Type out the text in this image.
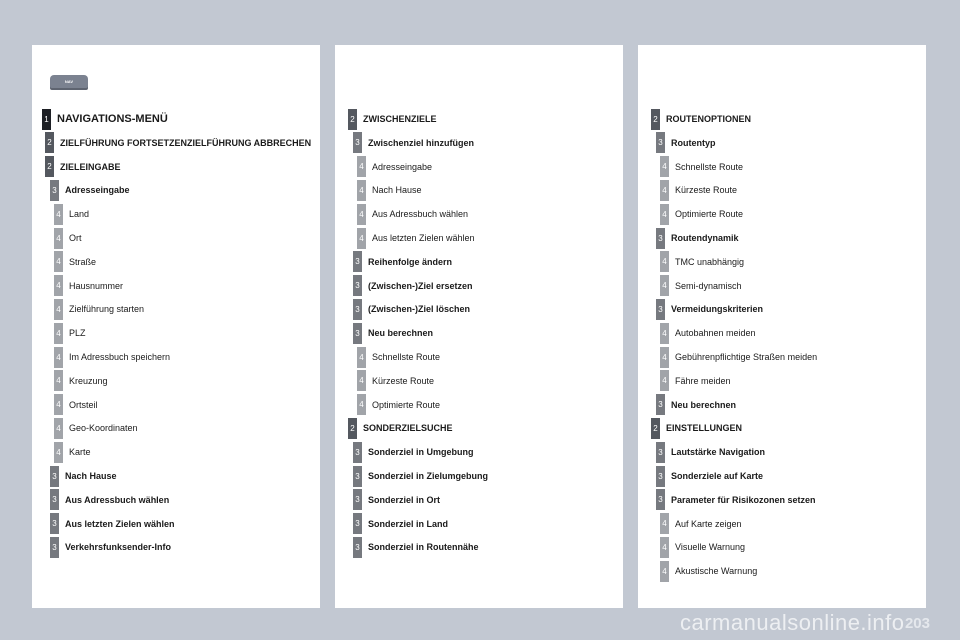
NAV
1 NAVIGATIONS-MENÜ
2 ZIELFÜHRUNG FORTSETZENZIELFÜHRUNG ABBRECHEN
2 ZIELEINGABE
3 Adresseingabe
4 Land
4 Ort
4 Straße
4 Hausnummer
4 Zielführung starten
4 PLZ
4 Im Adressbuch speichern
4 Kreuzung
4 Ortsteil
4 Geo-Koordinaten
4 Karte
3 Nach Hause
3 Aus Adressbuch wählen
3 Aus letzten Zielen wählen
3 Verkehrsfunksender-Info
2 ZWISCHENZIELE
3 Zwischenziel hinzufügen
4 Adresseingabe
4 Nach Hause
4 Aus Adressbuch wählen
4 Aus letzten Zielen wählen
3 Reihenfolge ändern
3 (Zwischen-)Ziel ersetzen
3 (Zwischen-)Ziel löschen
3 Neu berechnen
4 Schnellste Route
4 Kürzeste Route
4 Optimierte Route
2 SONDERZIELSUCHE
3 Sonderziel in Umgebung
3 Sonderziel in Zielumgebung
3 Sonderziel in Ort
3 Sonderziel in Land
3 Sonderziel in Routennähe
2 ROUTENOPTIONEN
3 Routentyp
4 Schnellste Route
4 Kürzeste Route
4 Optimierte Route
3 Routendynamik
4 TMC unabhängig
4 Semi-dynamisch
3 Vermeidungskriterien
4 Autobahnen meiden
4 Gebührenpflichtige Straßen meiden
4 Fähre meiden
3 Neu berechnen
2 EINSTELLUNGEN
3 Lautstärke Navigation
3 Sonderziele auf Karte
3 Parameter für Risikozonen setzen
4 Auf Karte zeigen
4 Visuelle Warnung
4 Akustische Warnung
203
carmanualsonline.info
